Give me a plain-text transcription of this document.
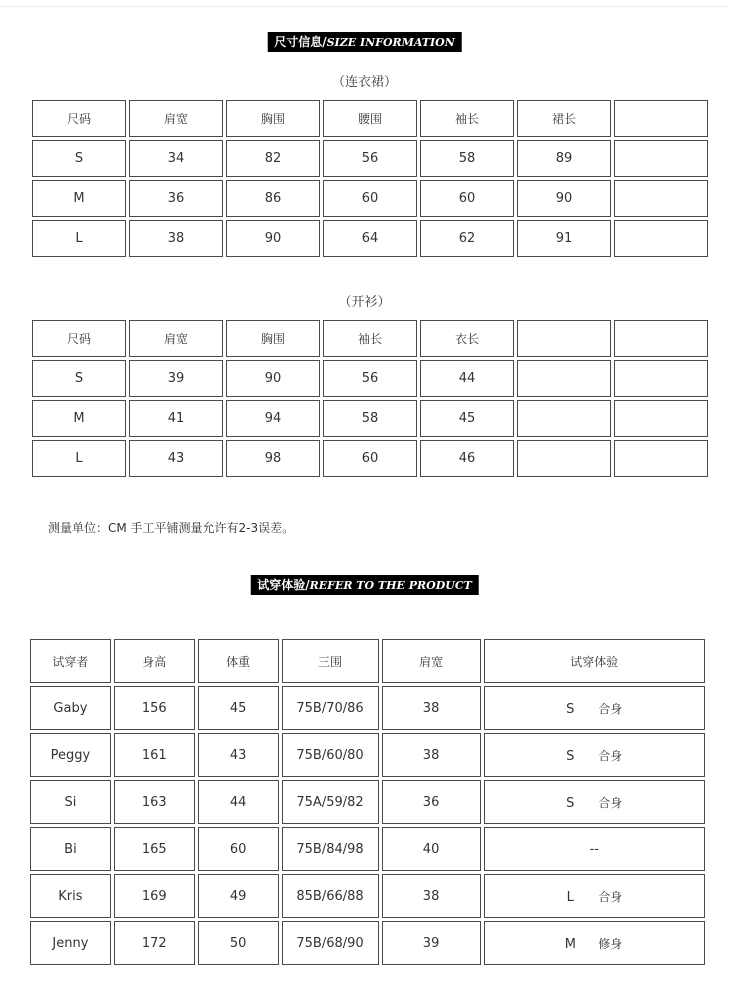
尺寸信息/SIZE INFORMATION
（连衣裙）
尺码	肩宽	胸围	腰围	袖长	裙长	
S	34	82	56	58	89	
M	36	86	60	60	90	
L	38	90	64	62	91	
（开衫）
尺码	肩宽	胸围	袖长	衣长		
S	39	90	56	44		
M	41	94	58	45		
L	43	98	60	46		
测量单位：CM 手工平铺测量允许有2-3误差。
试穿体验/REFER TO THE PRODUCT
试穿者	身高	体重	三围	肩宽	试穿体验
Gaby	156	45	75B/70/86	38	S 合身
Peggy	161	43	75B/60/80	38	S 合身
Si	163	44	75A/59/82	36	S 合身
Bi	165	60	75B/84/98	40	--
Kris	169	49	85B/66/88	38	L 合身
Jenny	172	50	75B/68/90	39	M 修身
